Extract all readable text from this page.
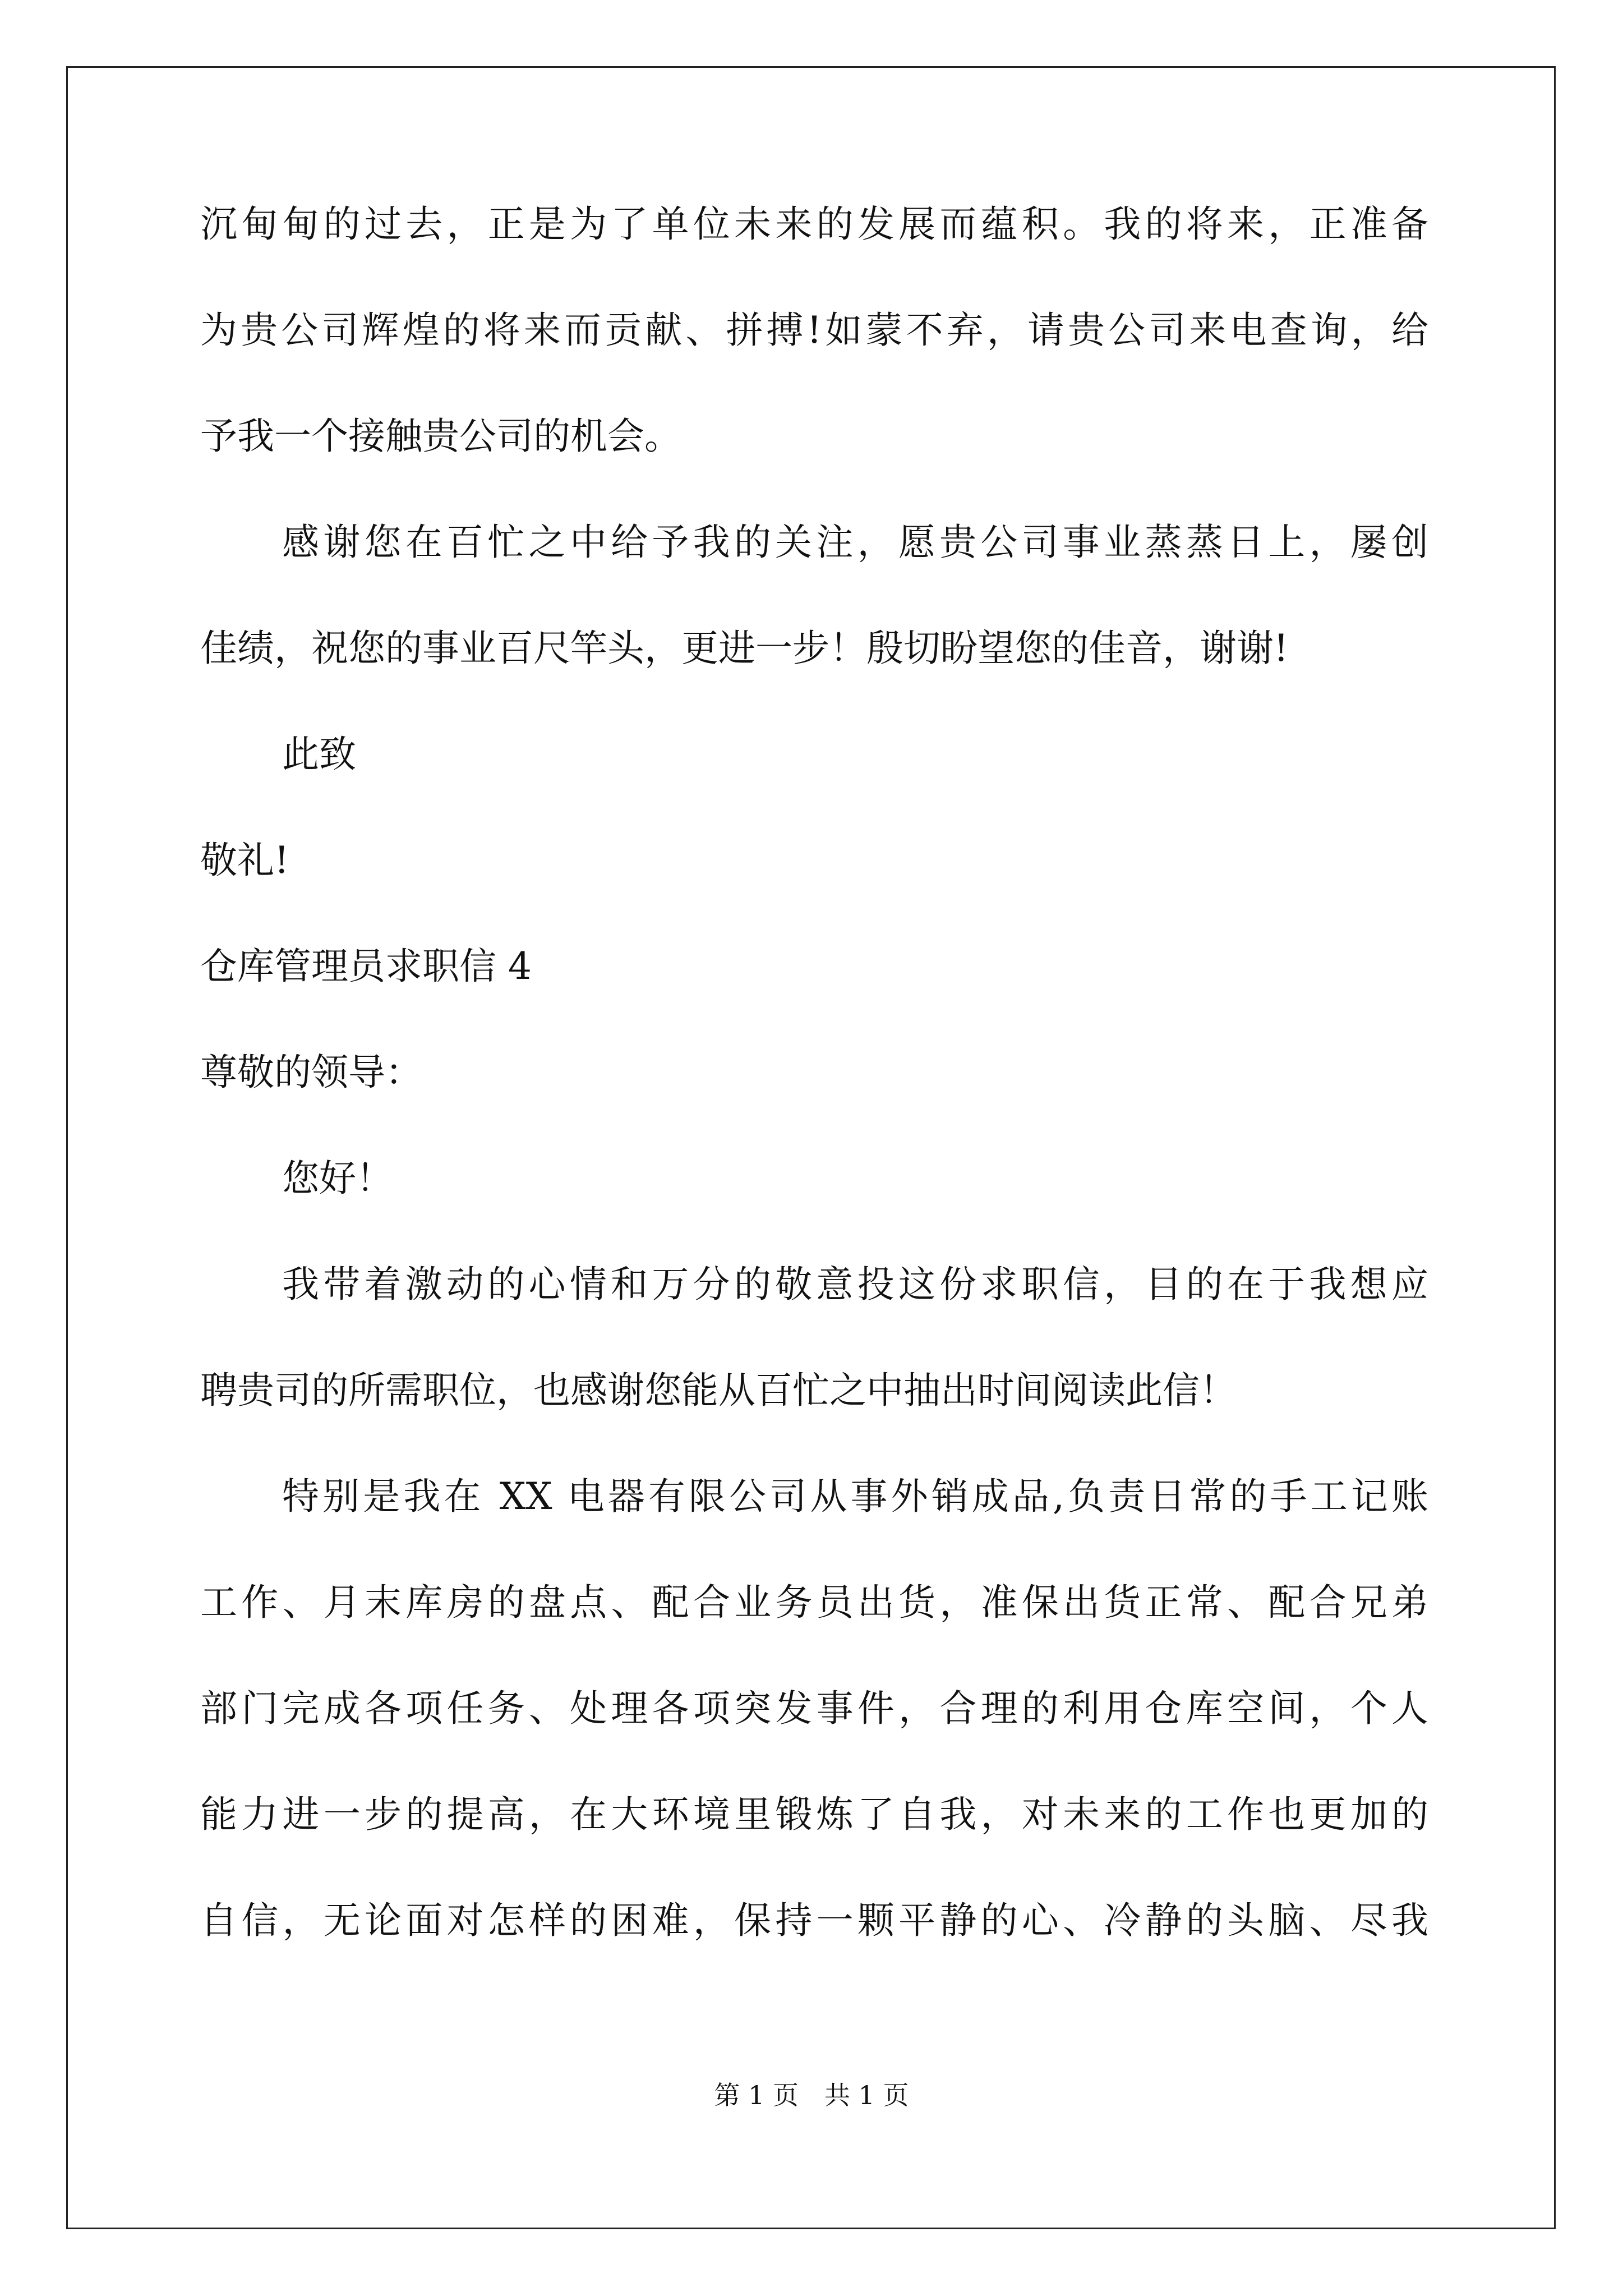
沉甸甸的过去，正是为了单位未来的发展而蕴积。我的将来，正准备
为贵公司辉煌的将来而贡献、拼搏!如蒙不弃，请贵公司来电查询，给
予我一个接触贵公司的机会。
感谢您在百忙之中给予我的关注，愿贵公司事业蒸蒸日上，屡创
佳绩，祝您的事业百尺竿头，更进一步！殷切盼望您的佳音，谢谢!
此致
敬礼!
仓库管理员求职信 4
尊敬的领导：
您好！
我带着激动的心情和万分的敬意投这份求职信，目的在于我想应
聘贵司的所需职位，也感谢您能从百忙之中抽出时间阅读此信！
特别是我在 XX 电器有限公司从事外销成品,负责日常的手工记账
工作、月末库房的盘点、配合业务员出货，准保出货正常、配合兄弟
部门完成各项任务、处理各项突发事件，合理的利用仓库空间，个人
能力进一步的提高，在大环境里锻炼了自我，对未来的工作也更加的
自信，无论面对怎样的困难，保持一颗平静的心、冷静的头脑、尽我
第 1 页　共 1 页
